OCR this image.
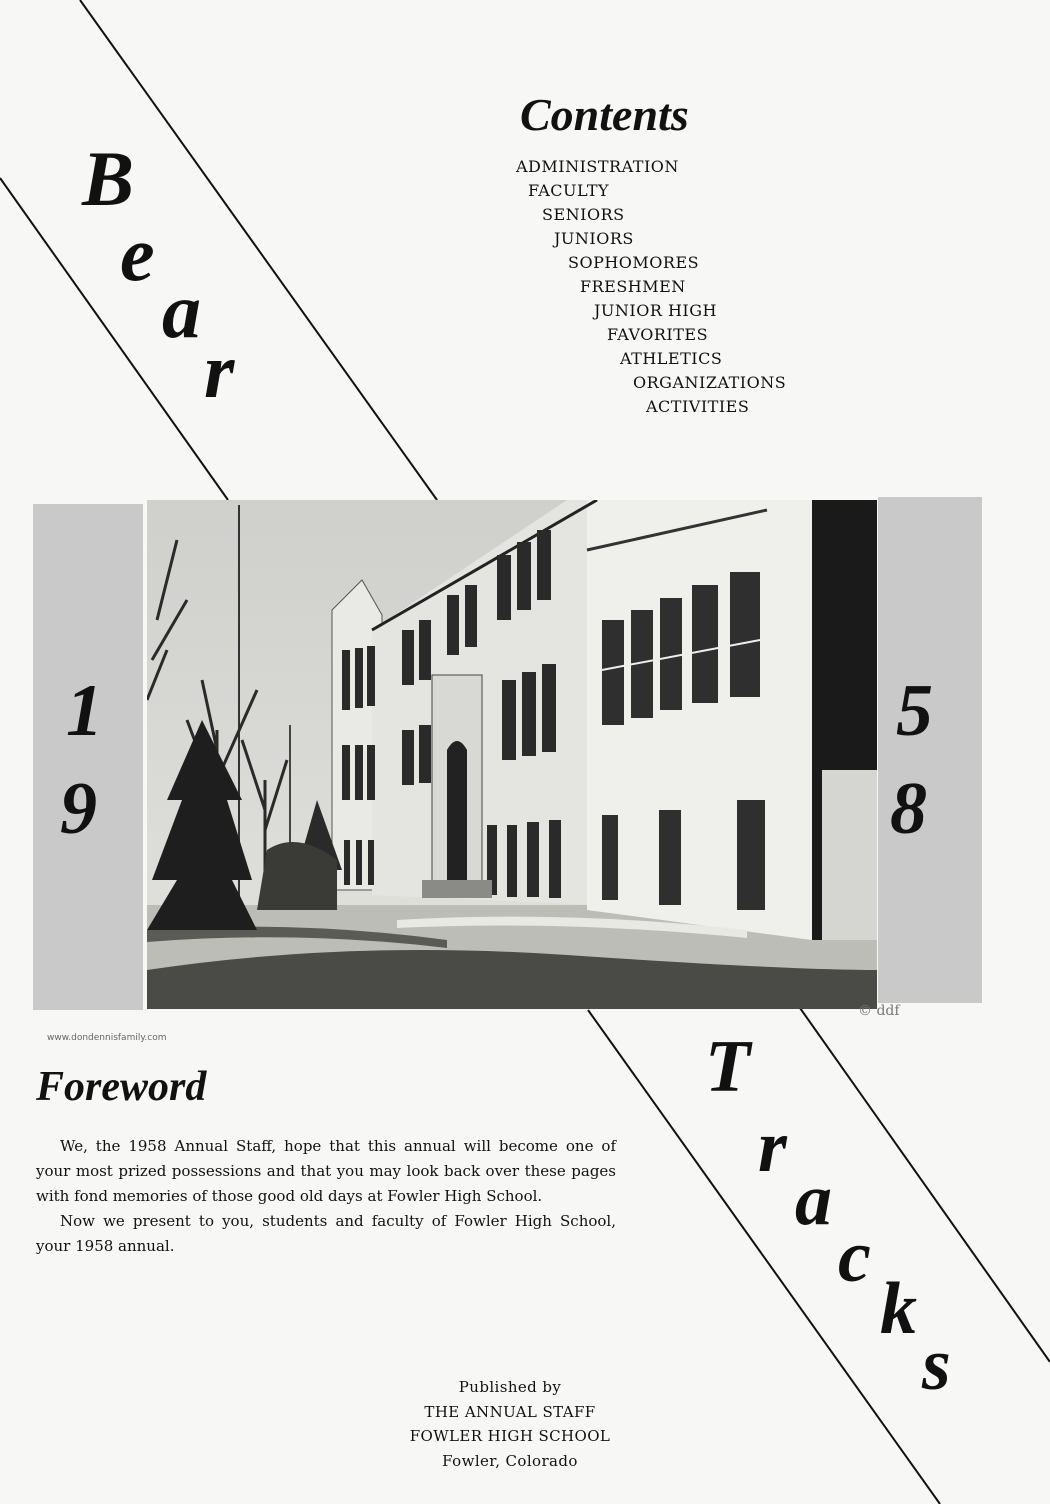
Contents
ADMINISTRATION
FACULTY
SENIORS
JUNIORS
SOPHOMORES
FRESHMEN
JUNIOR HIGH
FAVORITES
ATHLETICS
ORGANIZATIONS
ACTIVITIES
B
e
a
r
1
9
5
8
© ddf
www.dondennisfamily.com
Foreword

We, the 1958 Annual Staff, hope that this annual will become one of your most prized possessions and that you may look back over these pages with fond memories of those good old days at Fowler High School.

Now we present to you, students and faculty of Fowler High School, your 1958 annual.

T
r
a
c
k
s
Published by
THE ANNUAL STAFF
FOWLER HIGH SCHOOL
Fowler, Colorado
